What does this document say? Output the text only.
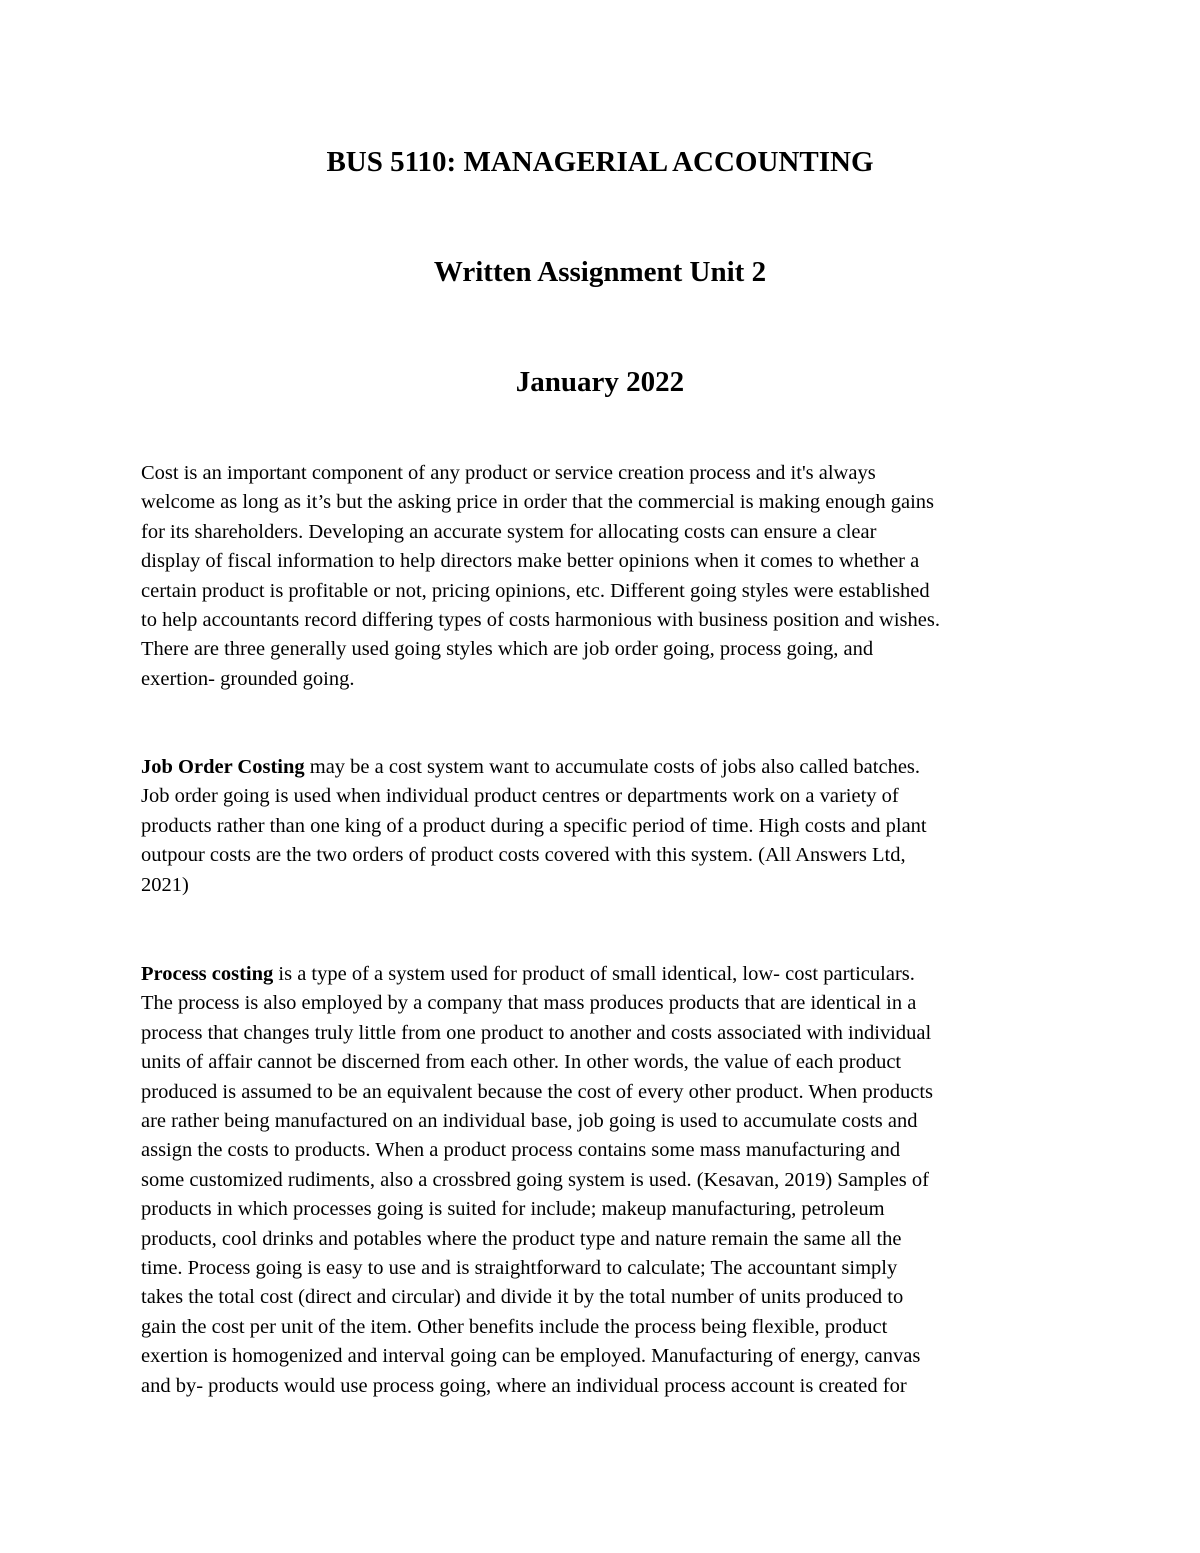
BUS 5110: MANAGERIAL ACCOUNTING
Written Assignment Unit 2
January 2022

Cost is an important component of any product or service creation process and it's always
welcome as long as it’s but the asking price in order that the commercial is making enough gains
for its shareholders. Developing an accurate system for allocating costs can ensure a clear
display of fiscal information to help directors make better opinions when it comes to whether a
certain product is profitable or not, pricing opinions, etc. Different going styles were established
to help accountants record differing types of costs harmonious with business position and wishes.
There are three generally used going styles which are job order going, process going, and
exertion- grounded going.

Job Order Costing may be a cost system want to accumulate costs of jobs also called batches.
Job order going is used when individual product centres or departments work on a variety of
products rather than one king of a product during a specific period of time. High costs and plant
outpour costs are the two orders of product costs covered with this system. (All Answers Ltd,
2021)

Process costing is a type of a system used for product of small identical, low- cost particulars.
The process is also employed by a company that mass produces products that are identical in a
process that changes truly little from one product to another and costs associated with individual
units of affair cannot be discerned from each other. In other words, the value of each product
produced is assumed to be an equivalent because the cost of every other product. When products
are rather being manufactured on an individual base, job going is used to accumulate costs and
assign the costs to products. When a product process contains some mass manufacturing and
some customized rudiments, also a crossbred going system is used. (Kesavan, 2019) Samples of
products in which processes going is suited for include; makeup manufacturing, petroleum
products, cool drinks and potables where the product type and nature remain the same all the
time. Process going is easy to use and is straightforward to calculate; The accountant simply
takes the total cost (direct and circular) and divide it by the total number of units produced to
gain the cost per unit of the item. Other benefits include the process being flexible, product
exertion is homogenized and interval going can be employed. Manufacturing of energy, canvas
and by- products would use process going, where an individual process account is created for
